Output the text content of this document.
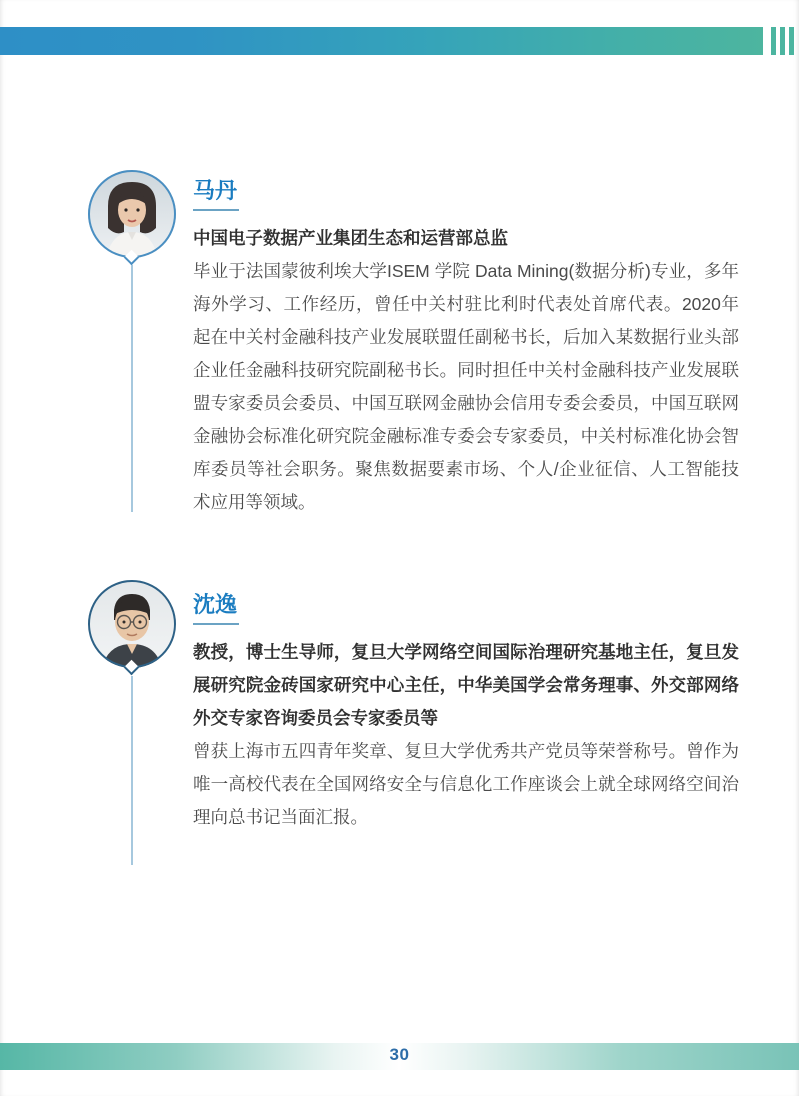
马丹

中国电子数据产业集团生态和运营部总监

毕业于法国蒙彼利埃大学ISEM 学院 Data Mining(数据分析)专业，多年海外学习、工作经历，曾任中关村驻比利时代表处首席代表。2020年起在中关村金融科技产业发展联盟任副秘书长，后加入某数据行业头部企业任金融科技研究院副秘书长。同时担任中关村金融科技产业发展联盟专家委员会委员、中国互联网金融协会信用专委会委员，中国互联网金融协会标准化研究院金融标准专委会专家委员，中关村标准化协会智库委员等社会职务。聚焦数据要素市场、个人/企业征信、人工智能技术应用等领域。

沈逸

教授，博士生导师，复旦大学网络空间国际治理研究基地主任，复旦发展研究院金砖国家研究中心主任，中华美国学会常务理事、外交部网络外交专家咨询委员会专家委员等

曾获上海市五四青年奖章、复旦大学优秀共产党员等荣誉称号。曾作为唯一高校代表在全国网络安全与信息化工作座谈会上就全球网络空间治理向总书记当面汇报。

30
